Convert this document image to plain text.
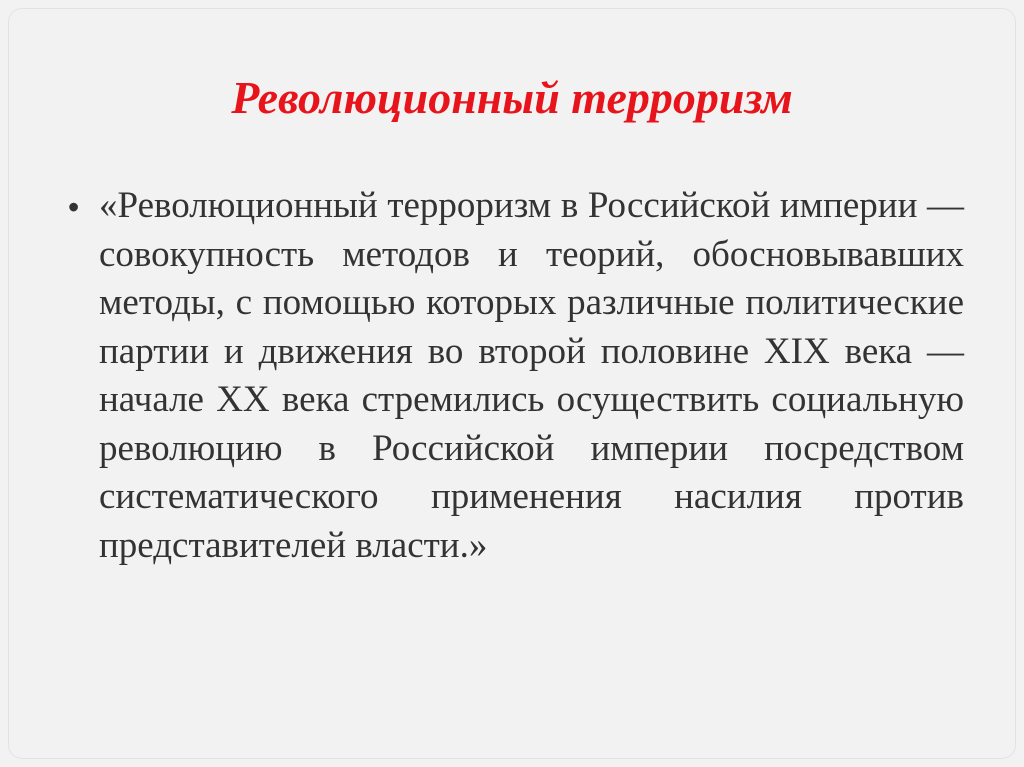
Революционный терроризм
• «Революционный терроризм в Российской империи — совокупность методов и теорий, обосновывавших методы, с помощью которых различные политические партии и движения во второй половине XIX века — начале XX века стремились осуществить социальную революцию в Российской империи посредством систематического применения насилия против представителей власти.»
